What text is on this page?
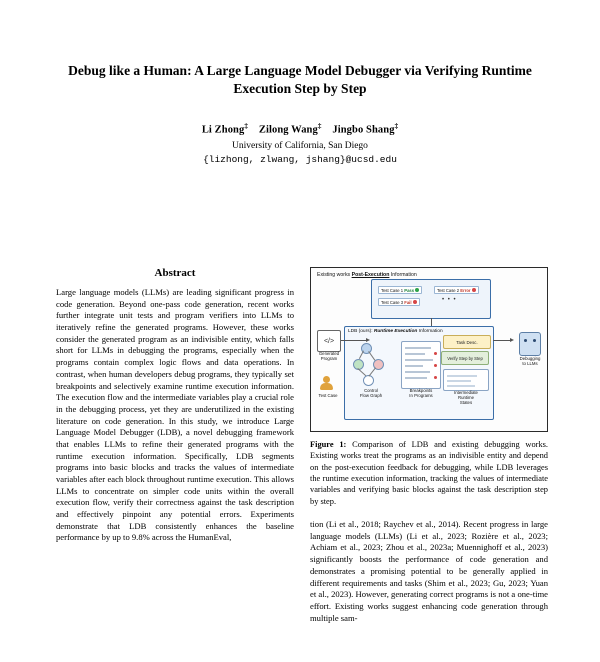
Debug like a Human: A Large Language Model Debugger via Verifying Runtime Execution Step by Step
Li Zhong‡ Zilong Wang‡ Jingbo Shang‡
University of California, San Diego
{lizhong, zlwang, jshang}@ucsd.edu
Abstract

Large language models (LLMs) are leading significant progress in code generation. Beyond one-pass code generation, recent works further integrate unit tests and program verifiers into LLMs to iteratively refine the generated programs. However, these works consider the generated program as an indivisible entity, which falls short for LLMs in debugging the programs, especially when the programs contain complex logic flows and data operations. In contrast, when human developers debug programs, they typically set breakpoints and selectively examine runtime execution information. The execution flow and the intermediate variables play a crucial role in the debugging process, yet they are underutilized in the existing literature on code generation. In this study, we introduce Large Language Model Debugger (LDB), a novel debugging framework that enables LLMs to refine their generated programs with the runtime execution information. Specifically, LDB segments programs into basic blocks and tracks the values of intermediate variables after each block throughout runtime execution. This allows LLMs to concentrate on simpler code units within the overall execution flow, verify their correctness against the task description and effectively pinpoint any potential errors. Experiments demonstrate that LDB consistently enhances the baseline performance by up to 9.8% across the HumanEval,

Existing works Post-Execution Information
Test Case 1 Pass	Test Case 2 Error
Test Case 3 Fail	• • •
</>
Generated
Program
Test Case
Debugging
to LLMs
LDB (ours): Runtime Execution Information
Control
Flow Graph
Breakpoints
In Programs
Task Desc.
Verify Step by Step
Intermediate
Runtime
States
Figure 1: Comparison of LDB and existing debugging works. Existing works treat the programs as an indivisible entity and depend on the post-execution feedback for debugging, while LDB leverages the runtime execution information, tracking the values of intermediate variables and verifying basic blocks against the task description step by step.

tion (Li et al., 2018; Raychev et al., 2014). Recent progress in large language models (LLMs) (Li et al., 2023; Rozière et al., 2023; Achiam et al., 2023; Zhou et al., 2023a; Muennighoff et al., 2023) significantly boosts the performance of code generation and demonstrates a promising potential to be generally applied in different requirements and tasks (Shim et al., 2023; Gu, 2023; Yuan et al., 2023). However, generating correct programs is not a one-time effort. Existing works suggest enhancing code generation through multiple sam-
